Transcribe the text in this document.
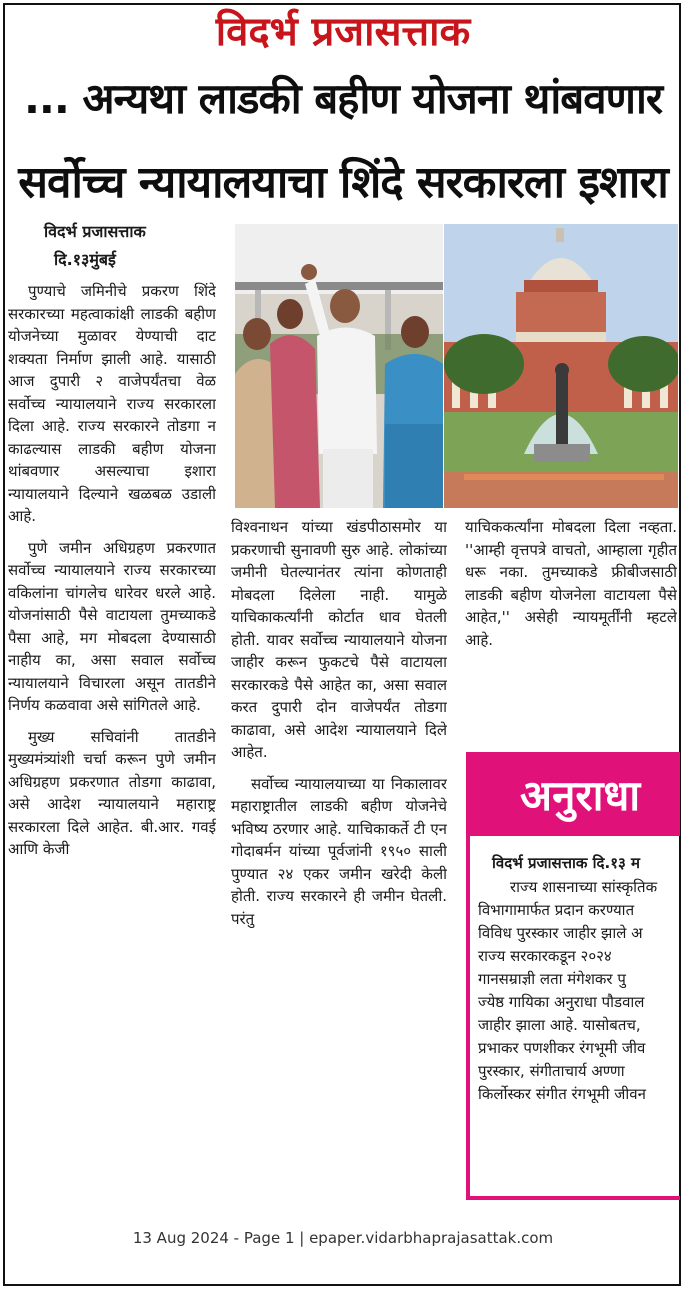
विदर्भ प्रजासत्ताक
... अन्यथा लाडकी बहीण योजना थांबवणार
सर्वोच्च न्यायालयाचा शिंदे सरकारला इशारा
विदर्भ प्रजासत्ताक
दि.१३मुंबई

पुण्याचे जमिनीचे प्रकरण शिंदे सरकारच्या महत्वाकांक्षी लाडकी बहीण योजनेच्या मुळावर येण्याची दाट शक्यता निर्माण झाली आहे. यासाठी आज दुपारी २ वाजेपर्यंतचा वेळ सर्वोच्च न्यायालयाने राज्य सरकारला दिला आहे. राज्य सरकारने तोडगा न काढल्यास लाडकी बहीण योजना थांबवणार असल्याचा इशारा न्यायालयाने दिल्याने खळबळ उडाली आहे.

पुणे जमीन अधिग्रहण प्रकरणात सर्वोच्च न्यायालयाने राज्य सरकारच्या वकिलांना चांगलेच धारेवर धरले आहे. योजनांसाठी पैसे वाटायला तुमच्याकडे पैसा आहे, मग मोबदला देण्यासाठी नाहीय का, असा सवाल सर्वोच्च न्यायालयाने विचारला असून तातडीने निर्णय कळवावा असे सांगितले आहे.

मुख्य सचिवांनी तातडीने मुख्यमंत्र्यांशी चर्चा करून पुणे जमीन अधिग्रहण प्रकरणात तोडगा काढावा, असे आदेश न्यायालयाने महाराष्ट्र सरकारला दिले आहेत. बी.आर. गवई आणि केजी

विश्वनाथन यांच्या खंडपीठासमोर या प्रकरणाची सुनावणी सुरु आहे. लोकांच्या जमीनी घेतल्यानंतर त्यांना कोणताही मोबदला दिलेला नाही. यामुळे याचिकाकर्त्यांनी कोर्टात धाव घेतली होती. यावर सर्वोच्च न्यायालयाने योजना जाहीर करून फुकटचे पैसे वाटायला सरकारकडे पैसे आहेत का, असा सवाल करत दुपारी दोन वाजेपर्यंत तोडगा काढावा, असे आदेश न्यायालयाने दिले आहेत.

सर्वोच्च न्यायालयाच्या या निकालावर महाराष्ट्रातील लाडकी बहीण योजनेचे भविष्य ठरणार आहे. याचिकाकर्ते टी एन गोदाबर्मन यांच्या पूर्वजांनी १९५० साली पुण्यात २४ एकर जमीन खरेदी केली होती. राज्य सरकारने ही जमीन घेतली. परंतु

याचिककर्त्यांना मोबदला दिला नव्हता. ''आम्ही वृत्तपत्रे वाचतो, आम्हाला गृहीत धरू नका. तुमच्याकडे फ्रीबीजसाठी लाडकी बहीण योजनेला वाटायला पैसे आहेत,'' असेही न्यायमूर्तींनी म्हटले आहे.

अनुराधा
विदर्भ प्रजासत्ताक दि.१३ म
राज्य शासनाच्या सांस्कृतिक
विभागामार्फत प्रदान करण्यात
विविध पुरस्कार जाहीर झाले अ
राज्य सरकारकडून २०२४
गानसम्राज्ञी लता मंगेशकर पु
ज्येष्ठ गायिका अनुराधा पौडवाल
जाहीर झाला आहे. यासोबतच,
प्रभाकर पणशीकर रंगभूमी जीव
पुरस्कार, संगीताचार्य अण्णा
किर्लोस्कर संगीत रंगभूमी जीवन
13 Aug 2024 - Page 1 | epaper.vidarbhaprajasattak.com
